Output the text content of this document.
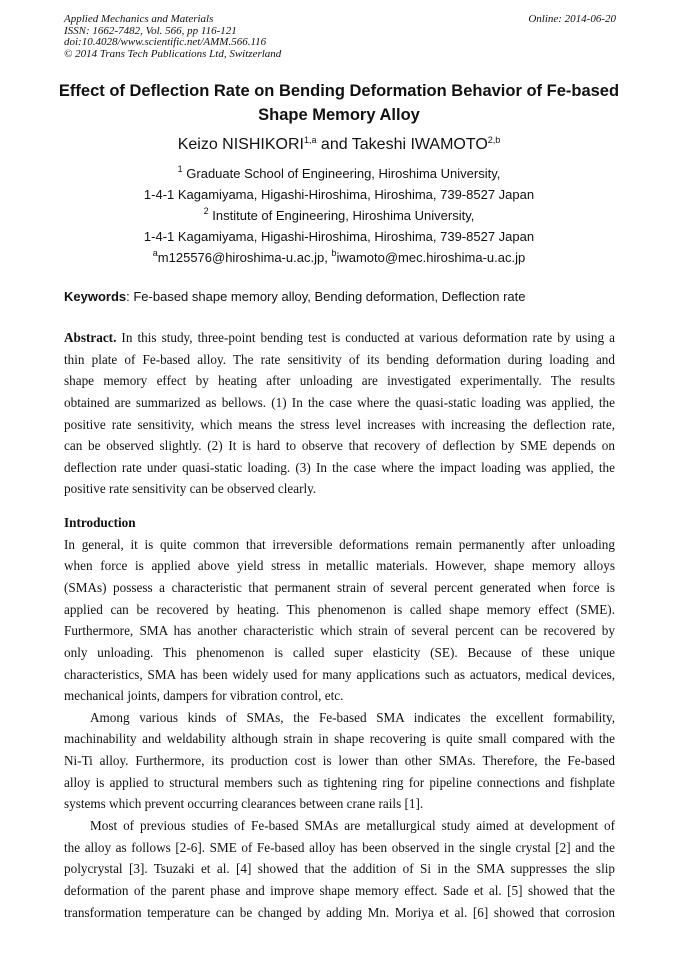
Applied Mechanics and Materials
ISSN: 1662-7482, Vol. 566, pp 116-121
doi:10.4028/www.scientific.net/AMM.566.116
© 2014 Trans Tech Publications Ltd, Switzerland
Online: 2014-06-20
Effect of Deflection Rate on Bending Deformation Behavior of Fe-based
Shape Memory Alloy
Keizo NISHIKORI$^{1,a}$ and Takeshi IWAMOTO$^{2,b}$
$^1$ Graduate School of Engineering, Hiroshima University,
1-4-1 Kagamiyama, Higashi-Hiroshima, Hiroshima, 739-8527 Japan
$^2$ Institute of Engineering, Hiroshima University,
1-4-1 Kagamiyama, Higashi-Hiroshima, Hiroshima, 739-8527 Japan
$^a$m125576@hiroshima-u.ac.jp, $^b$iwamoto@mec.hiroshima-u.ac.jp
Keywords: Fe-based shape memory alloy, Bending deformation, Deflection rate
Abstract. In this study, three-point bending test is conducted at various deformation rate by using a
thin plate of Fe-based alloy. The rate sensitivity of its bending deformation during loading and
shape memory effect by heating after unloading are investigated experimentally. The results
obtained are summarized as bellows. (1) In the case where the quasi-static loading was applied, the
positive rate sensitivity, which means the stress level increases with increasing the deflection rate,
can be observed slightly. (2) It is hard to observe that recovery of deflection by SME depends on
deflection rate under quasi-static loading. (3) In the case where the impact loading was applied, the
positive rate sensitivity can be observed clearly.
Introduction
In general, it is quite common that irreversible deformations remain permanently after unloading
when force is applied above yield stress in metallic materials. However, shape memory alloys
(SMAs) possess a characteristic that permanent strain of several percent generated when force is
applied can be recovered by heating. This phenomenon is called shape memory effect (SME).
Furthermore, SMA has another characteristic which strain of several percent can be recovered by
only unloading. This phenomenon is called super elasticity (SE). Because of these unique
characteristics, SMA has been widely used for many applications such as actuators, medical devices,
mechanical joints, dampers for vibration control, etc.
Among various kinds of SMAs, the Fe-based SMA indicates the excellent formability,
machinability and weldability although strain in shape recovering is quite small compared with the
Ni-Ti alloy. Furthermore, its production cost is lower than other SMAs. Therefore, the Fe-based
alloy is applied to structural members such as tightening ring for pipeline connections and fishplate
systems which prevent occurring clearances between crane rails [1].
Most of previous studies of Fe-based SMAs are metallurgical study aimed at development of
the alloy as follows [2-6]. SME of Fe-based alloy has been observed in the single crystal [2] and the
polycrystal [3]. Tsuzaki et al. [4] showed that the addition of Si in the SMA suppresses the slip
deformation of the parent phase and improve shape memory effect. Sade et al. [5] showed that the
transformation temperature can be changed by adding Mn. Moriya et al. [6] showed that corrosion
